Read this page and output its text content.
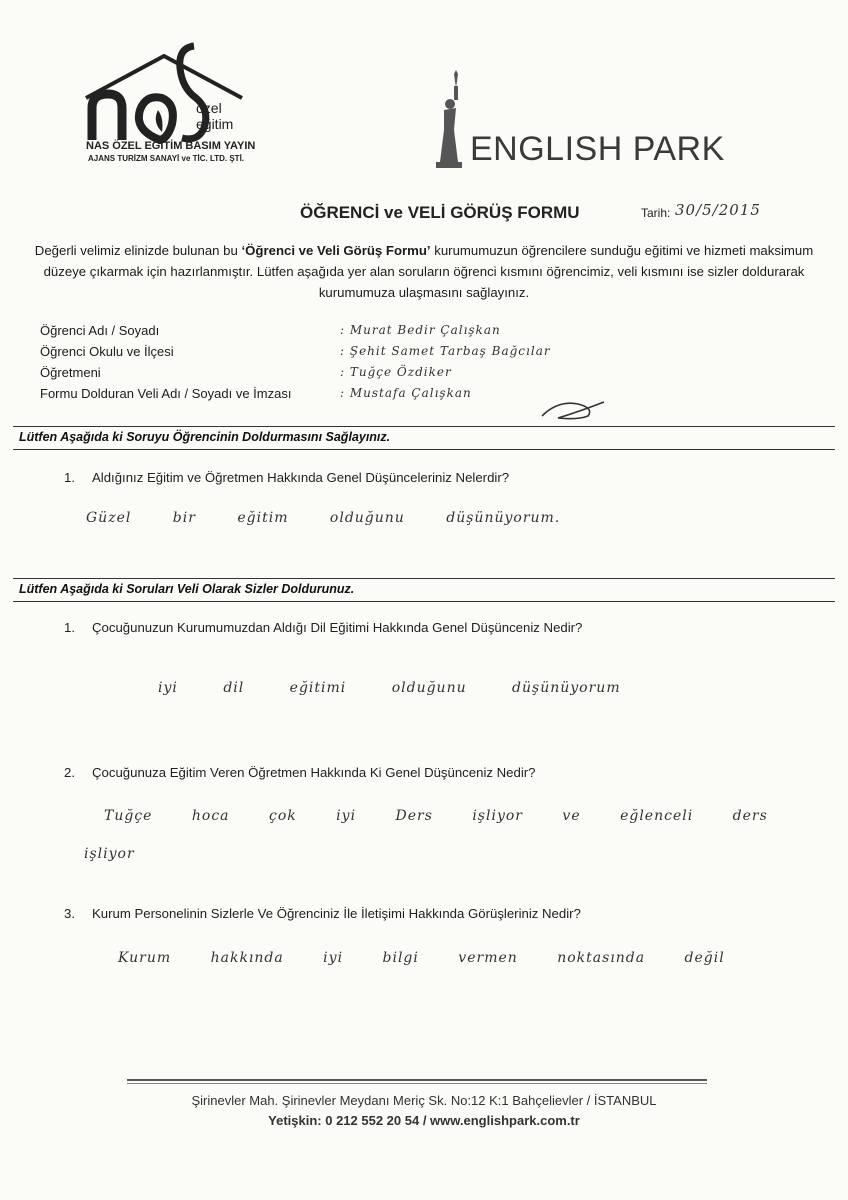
özel
eğitim
NAS ÖZEL EĞİTİM BASIM YAYIN
AJANS TURİZM SANAYİ ve TİC. LTD. ŞTİ.	ENGLISH PARK
ÖĞRENCİ ve VELİ GÖRÜŞ FORMU	Tarih: 30/5/2015
Değerli velimiz elinizde bulunan bu ‘Öğrenci ve Veli Görüş Formu’ kurumumuzun öğrencilere sunduğu eğitimi ve hizmeti maksimum düzeye çıkarmak için hazırlanmıştır. Lütfen aşağıda yer alan soruların öğrenci kısmını öğrencimiz, veli kısmını ise sizler doldurarak kurumumuza ulaşmasını sağlayınız.
Öğrenci Adı / Soyadı
Öğrenci Okulu ve İlçesi
Öğretmeni
Formu Dolduran Veli Adı / Soyadı ve İmzası
: Murat Bedir Çalışkan
: Şehit Samet Tarbaş Bağcılar
: Tuğçe Özdiker
: Mustafa Çalışkan
Lütfen Aşağıda ki Soruyu Öğrencinin Doldurmasını Sağlayınız.
1. Aldığınız Eğitim ve Öğretmen Hakkında Genel Düşünceleriniz Nelerdir?
Güzel bir eğitim olduğunu düşünüyorum.
Lütfen Aşağıda ki Soruları Veli Olarak Sizler Doldurunuz.
1. Çocuğunuzun Kurumumuzdan Aldığı Dil Eğitimi Hakkında Genel Düşünceniz Nedir?
iyi dil eğitimi olduğunu düşünüyorum
2. Çocuğunuza Eğitim Veren Öğretmen Hakkında Ki Genel Düşünceniz Nedir?
Tuğçe hoca çok iyi Ders işliyor ve eğlenceli ders
işliyor
3. Kurum Personelinin Sizlerle Ve Öğrenciniz İle İletişimi Hakkında Görüşleriniz Nedir?
Kurum hakkında iyi bilgi vermen noktasında değil
Şirinevler Mah. Şirinevler Meydanı Meriç Sk. No:12 K:1 Bahçelievler / İSTANBUL
Yetişkin: 0 212 552 20 54 / www.englishpark.com.tr
